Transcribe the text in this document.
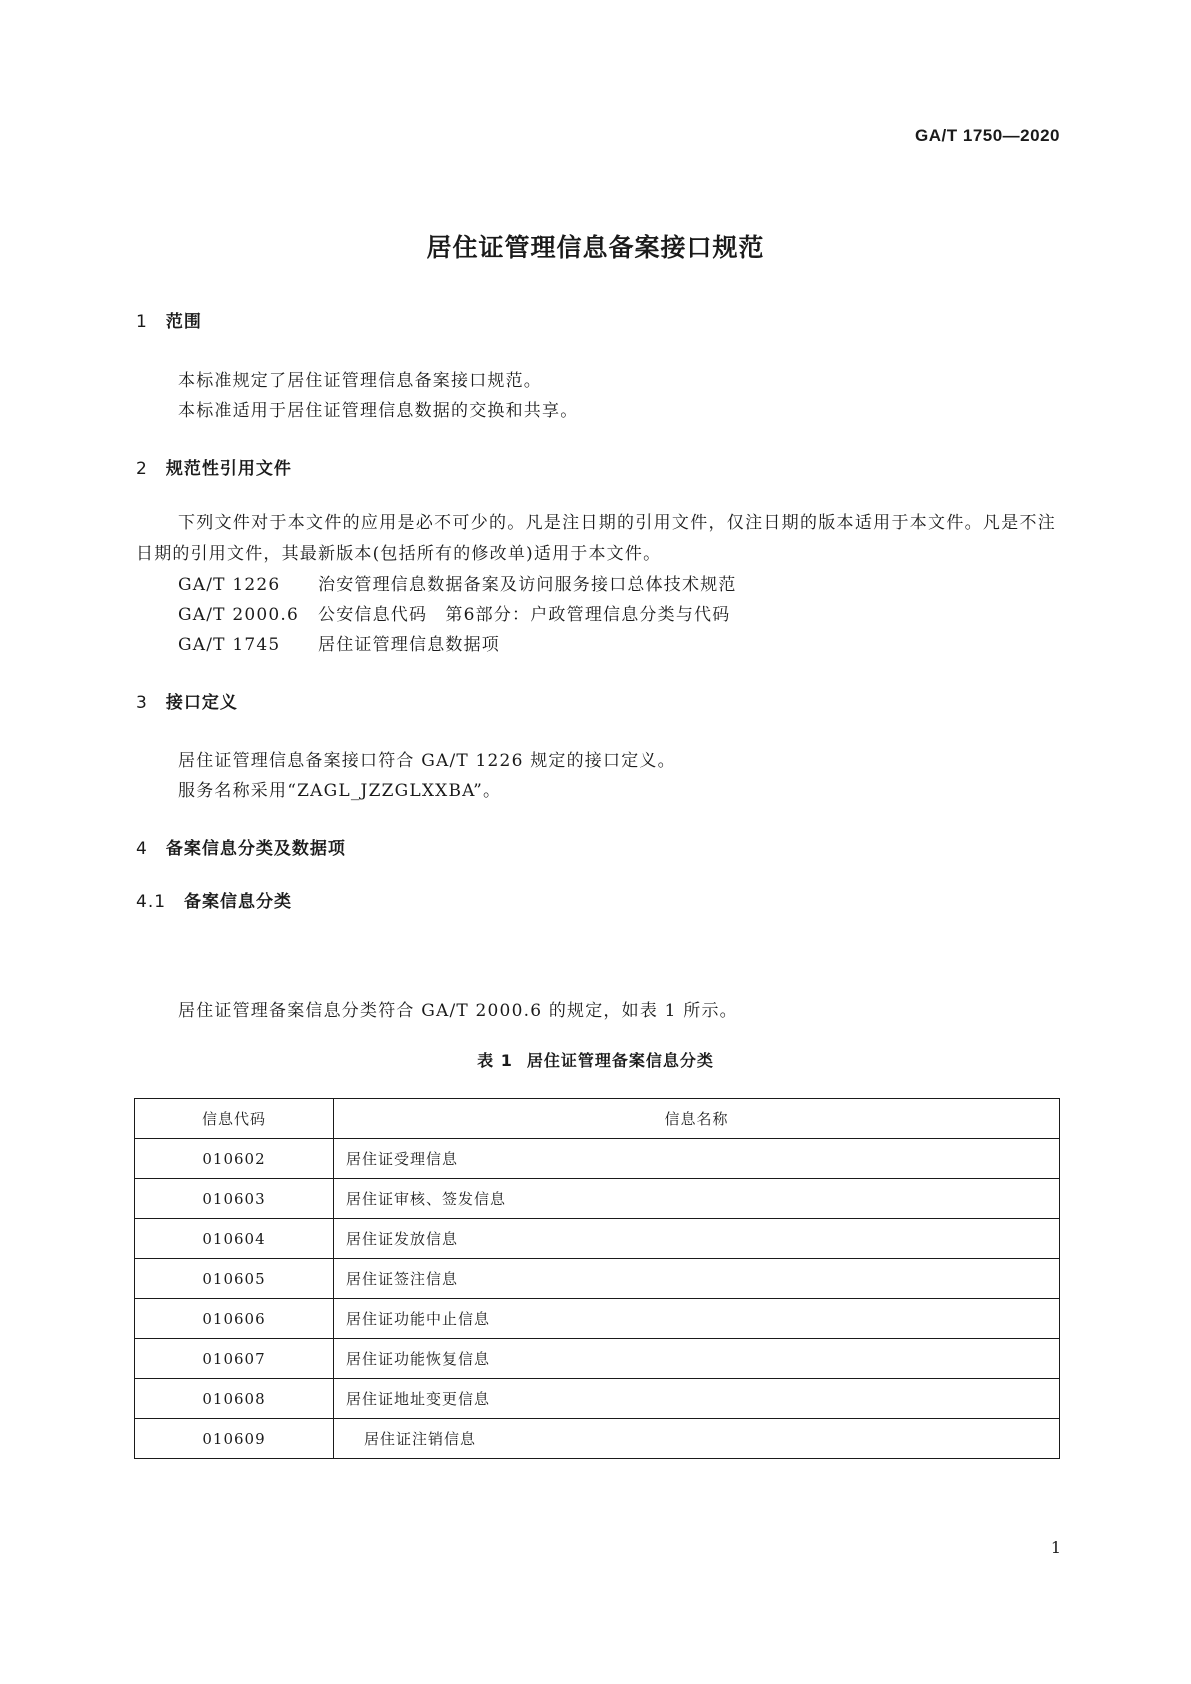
GA/T 1750—2020
居住证管理信息备案接口规范
1 范围
本标准规定了居住证管理信息备案接口规范。
本标准适用于居住证管理信息数据的交换和共享。
2 规范性引用文件
下列文件对于本文件的应用是必不可少的。凡是注日期的引用文件，仅注日期的版本适用于本文件。凡是不注日期的引用文件，其最新版本(包括所有的修改单)适用于本文件。
GA/T 1226 治安管理信息数据备案及访问服务接口总体技术规范
GA/T 2000.6 公安信息代码　第6部分：户政管理信息分类与代码
GA/T 1745 居住证管理信息数据项
3 接口定义
居住证管理信息备案接口符合 GA/T 1226 规定的接口定义。
服务名称采用“ZAGL_JZZGLXXBA”。
4 备案信息分类及数据项
4.1 备案信息分类
居住证管理备案信息分类符合 GA/T 2000.6 的规定，如表 1 所示。
表 1 居住证管理备案信息分类
信息代码	信息名称
010602	居住证受理信息
010603	居住证审核、签发信息
010604	居住证发放信息
010605	居住证签注信息
010606	居住证功能中止信息
010607	居住证功能恢复信息
010608	居住证地址变更信息
010609	居住证注销信息
1
